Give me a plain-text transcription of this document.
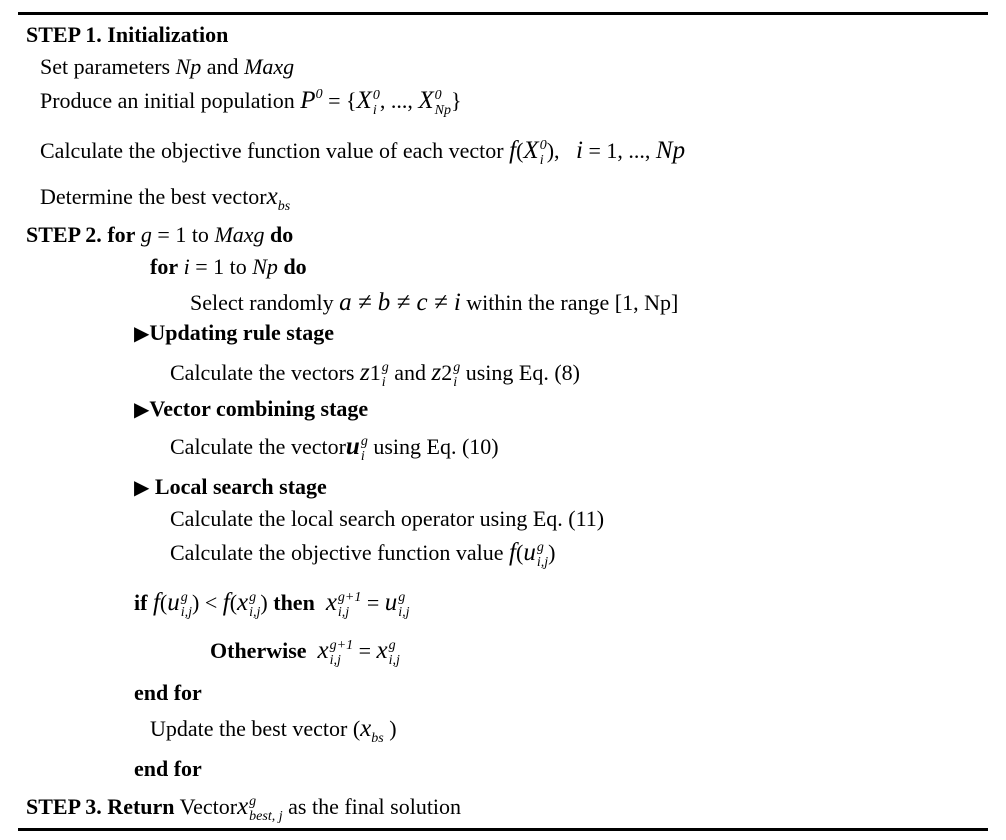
STEP 1. Initialization
Set parameters Np and Maxg
Produce an initial population $P^0 = \{X$ 0
i , ..., X 0
Np }
Calculate the objective function value of each vector f(X 0
i ),   i = 1, ..., Np
Determine the best vectorx$_{bs}$
STEP 2. for g = 1 to Maxg do
for i = 1 to Np do
Select randomly a ≠ b ≠ c ≠ i within the range [1, Np]
▶Updating rule stage
Calculate the vectors z1 g
i and z2 g
i using Eq. (8)
▶Vector combining stage
Calculate the vectoru g
i using Eq. (10)
▶ Local search stage
Calculate the local search operator using Eq. (11)
Calculate the objective function value f(u g
i,j )
if f(u g
i,j ) < f(x g
i,j ) then x g+1
i,j = u g
i,j
Otherwise x g+1
i,j = x g
i,j
end for
Update the best vector ($x_{bs}$ )
end for
STEP 3. Return Vectorx g
best, j as the final solution
